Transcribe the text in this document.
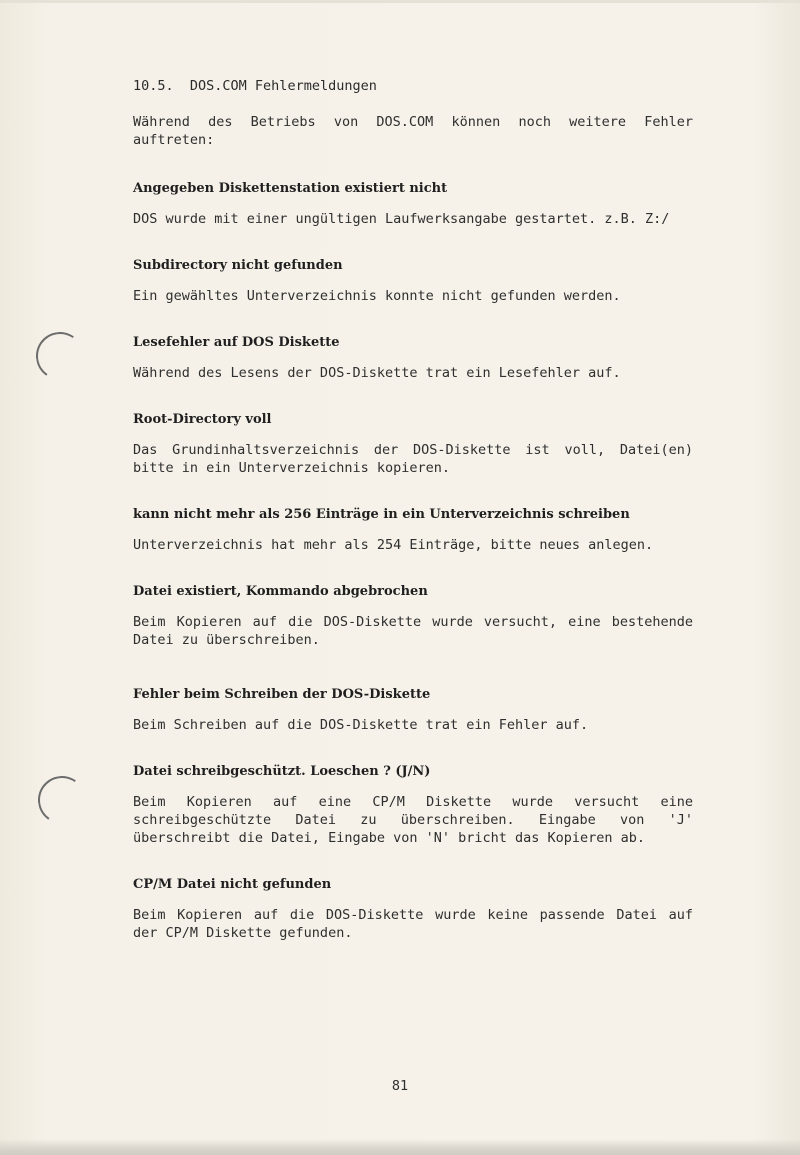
10.5. DOS.COM Fehlermeldungen

Während des Betriebs von DOS.COM können noch weitere Fehler auftreten:

Angegeben Diskettenstation existiert nicht

DOS wurde mit einer ungültigen Laufwerksangabe gestartet. z.B. Z:/

Subdirectory nicht gefunden

Ein gewähltes Unterverzeichnis konnte nicht gefunden werden.

Lesefehler auf DOS Diskette

Während des Lesens der DOS-Diskette trat ein Lesefehler auf.

Root-Directory voll

Das Grundinhaltsverzeichnis der DOS-Diskette ist voll, Datei(en) bitte in ein Unterverzeichnis kopieren.

kann nicht mehr als 256 Einträge in ein Unterverzeichnis schreiben

Unterverzeichnis hat mehr als 254 Einträge, bitte neues anlegen.

Datei existiert, Kommando abgebrochen

Beim Kopieren auf die DOS-Diskette wurde versucht, eine bestehende Datei zu überschreiben.

Fehler beim Schreiben der DOS-Diskette

Beim Schreiben auf die DOS-Diskette trat ein Fehler auf.

Datei schreibgeschützt. Loeschen ? (J/N)

Beim Kopieren auf eine CP/M Diskette wurde versucht eine schreibgeschützte Datei zu überschreiben. Eingabe von 'J' überschreibt die Datei, Eingabe von 'N' bricht das Kopieren ab.

CP/M Datei nicht gefunden

Beim Kopieren auf die DOS-Diskette wurde keine passende Datei auf der CP/M Diskette gefunden.

81
